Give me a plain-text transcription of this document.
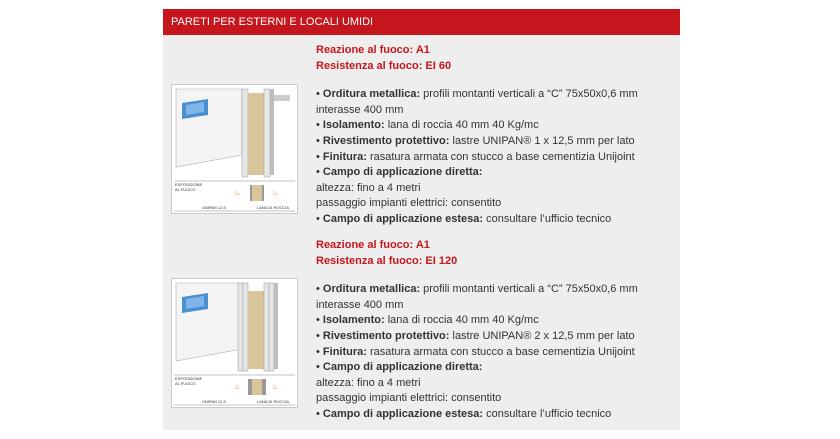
PARETI PER ESTERNI E LOCALI UMIDI
♨	♨
ESPOSIZIONE AL FUOCO
UNIPAN 12,5	LANA DI ROCCIA
Reazione al fuoco: A1
Resistenza al fuoco: EI 60
• Orditura metallica: profili montanti verticali a “C” 75x50x0,6 mm
interasse 400 mm
• Isolamento: lana di roccia 40 mm 40 Kg/mc
• Rivestimento protettivo: lastre UNIPAN® 1 x 12,5 mm per lato
• Finitura: rasatura armata con stucco a base cementizia Unijoint
• Campo di applicazione diretta:
altezza: fino a 4 metri
passaggio impianti elettrici: consentito
• Campo di applicazione estesa: consultare l’ufficio tecnico
♨	♨
ESPOSIZIONE AL FUOCO
UNIPAN 12,5	LANA DI ROCCIA
Reazione al fuoco: A1
Resistenza al fuoco: EI 120
• Orditura metallica: profili montanti verticali a “C” 75x50x0,6 mm
interasse 400 mm
• Isolamento: lana di roccia 40 mm 40 Kg/mc
• Rivestimento protettivo: lastre UNIPAN® 2 x 12,5 mm per lato
• Finitura: rasatura armata con stucco a base cementizia Unijoint
• Campo di applicazione diretta:
altezza: fino a 4 metri
passaggio impianti elettrici: consentito
• Campo di applicazione estesa: consultare l’ufficio tecnico
